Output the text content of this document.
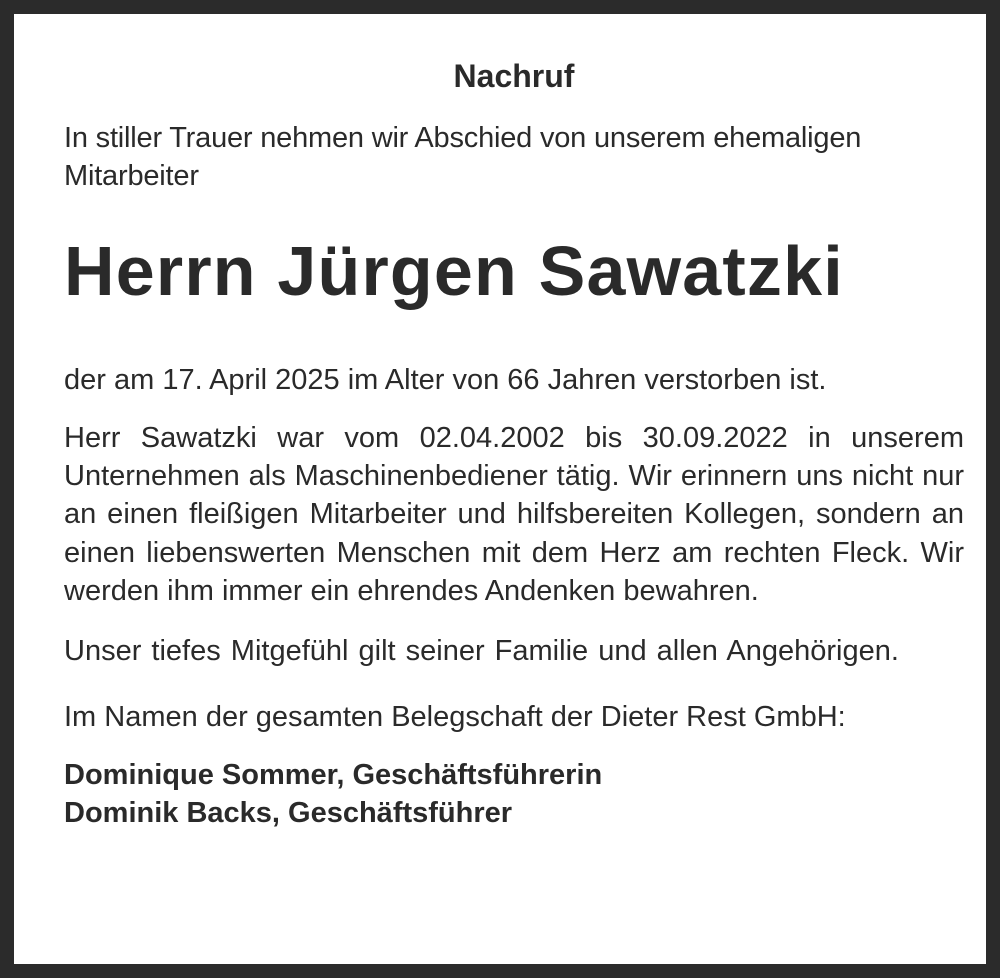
Nachruf

In stiller Trauer nehmen wir Abschied von unserem ehemaligen Mitarbeiter

Herrn Jürgen Sawatzki

der am 17. April 2025 im Alter von 66 Jahren verstorben ist.

Herr Sawatzki war vom 02.04.2002 bis 30.09.2022 in unserem Unternehmen als Maschinenbediener tätig. Wir erinnern uns nicht nur an einen fleißigen Mitarbeiter und hilfsbereiten Kollegen, sondern an einen liebenswerten Menschen mit dem Herz am rechten Fleck. Wir werden ihm immer ein ehrendes Andenken bewahren.

Unser tiefes Mitgefühl gilt seiner Familie und allen Angehörigen.

Im Namen der gesamten Belegschaft der Dieter Rest GmbH:

Dominique Sommer, Geschäftsführerin

Dominik Backs, Geschäftsführer
